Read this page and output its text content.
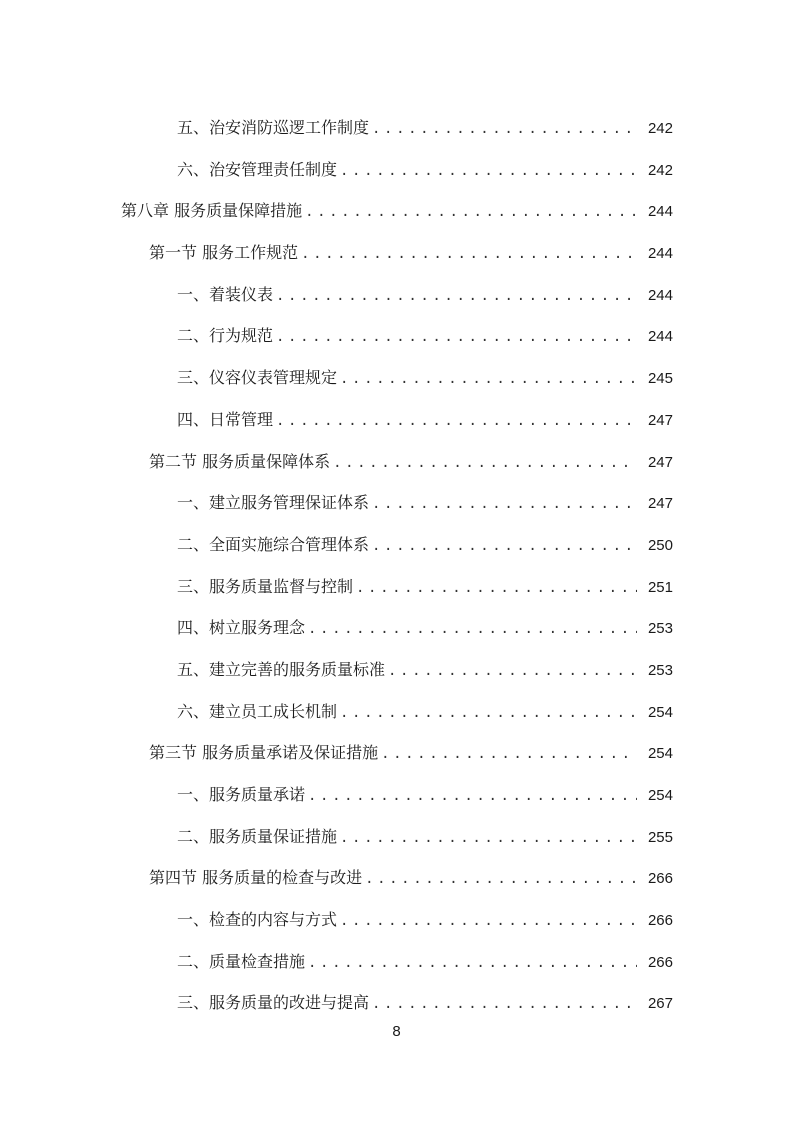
五、治安消防巡逻工作制度 .....	242
六、治安管理责任制度 .....	242
第八章 服务质量保障措施 .....	244
第一节 服务工作规范 .....	244
一、着装仪表 .....	244
二、行为规范 .....	244
三、仪容仪表管理规定 .....	245
四、日常管理 .....	247
第二节 服务质量保障体系 .....	247
一、建立服务管理保证体系 .....	247
二、全面实施综合管理体系 .....	250
三、服务质量监督与控制 .....	251
四、树立服务理念 .....	253
五、建立完善的服务质量标准 .....	253
六、建立员工成长机制 .....	254
第三节 服务质量承诺及保证措施 .....	254
一、服务质量承诺 .....	254
二、服务质量保证措施 .....	255
第四节 服务质量的检查与改进 .....	266
一、检查的内容与方式 .....	266
二、质量检查措施 .....	266
三、服务质量的改进与提高 .....	267
8
